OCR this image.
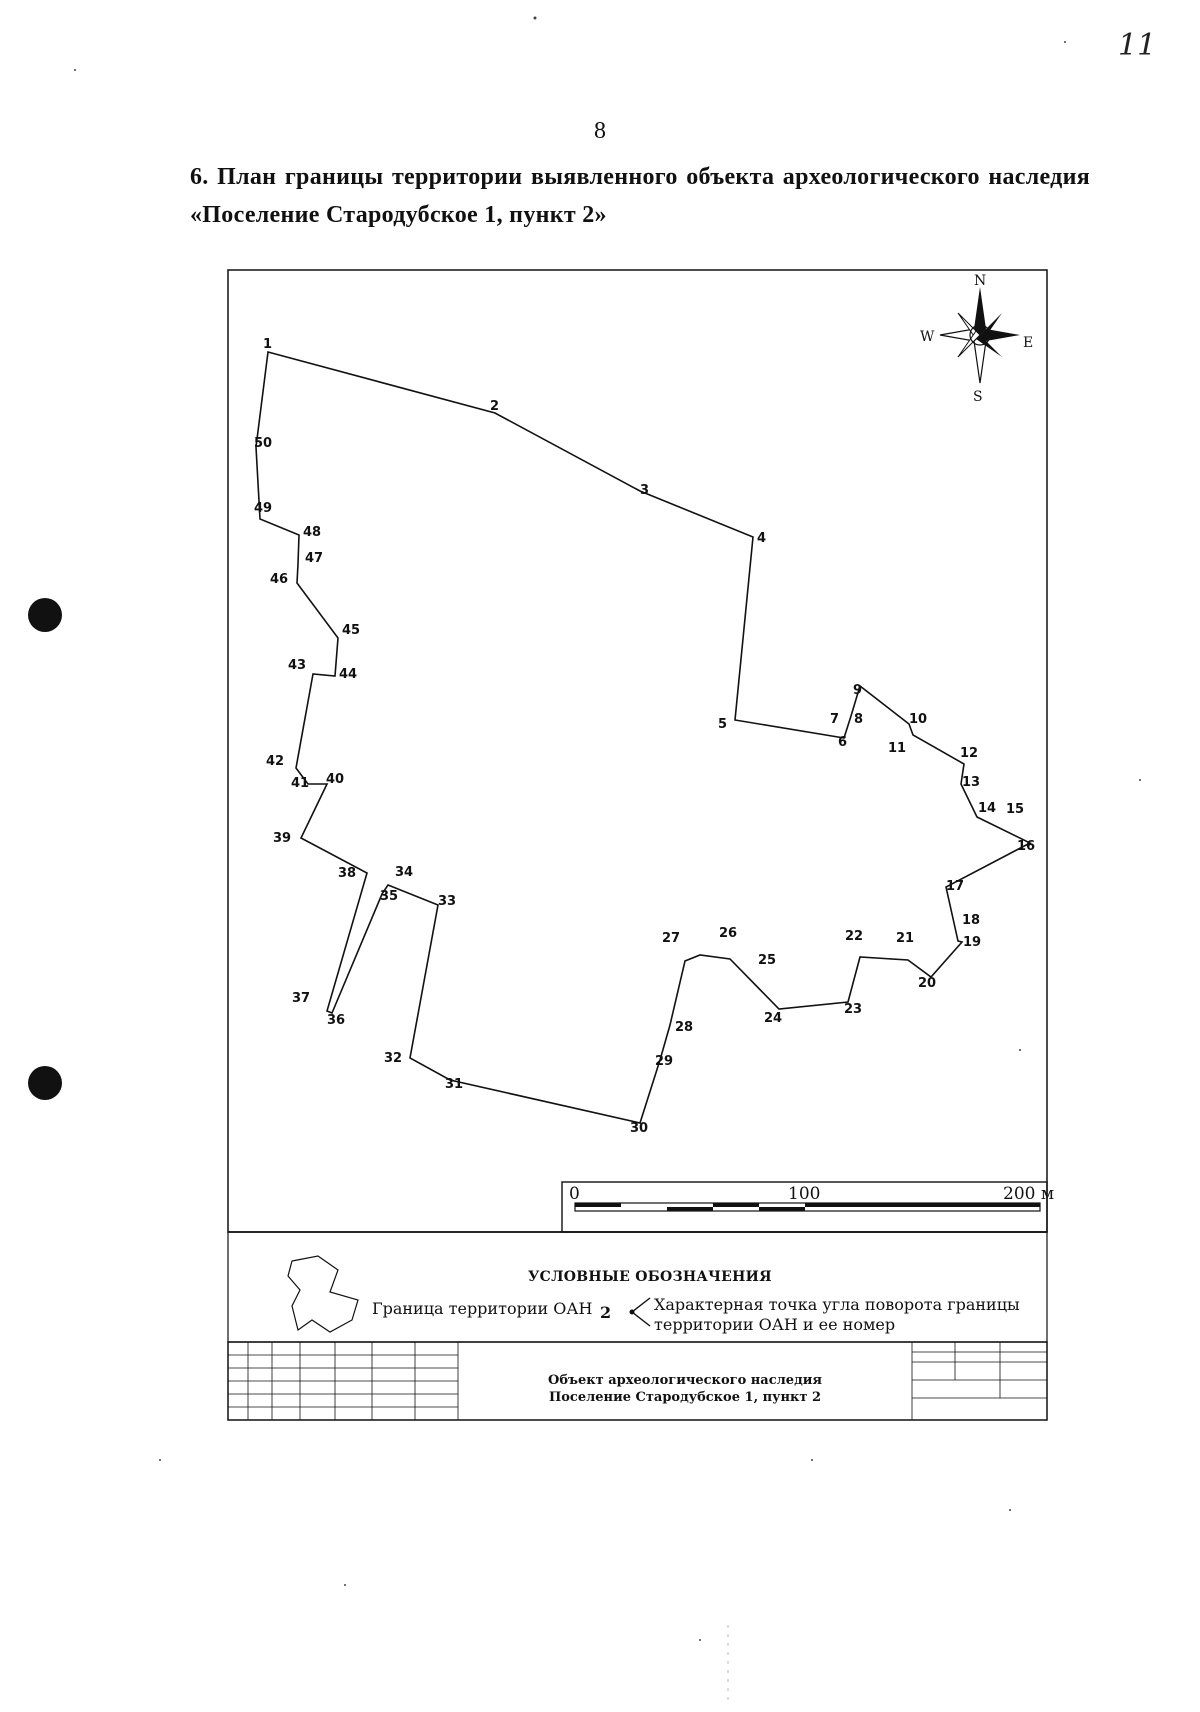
11
8
6. План границы территории выявленного объекта археологического наследия «Поселение Стародубское 1, пункт 2»
1
2
3
4
5
6
7 8
9
10
11	12
13
14 15
16
17
18
19
20
21
22
23
24
25
26
27
28
29
30
31
32
33
34
35
36
37
38
39
40
41
42
43
44
45
46
47
48
49
50
N
S
W	E
0	100	200 м
УСЛОВНЫЕ ОБОЗНАЧЕНИЯ
Граница территории ОАН 2	Характерная точка угла поворота границы
территории ОАН и ее номер
Объект археологического наследия
Поселение Стародубское 1, пункт 2
